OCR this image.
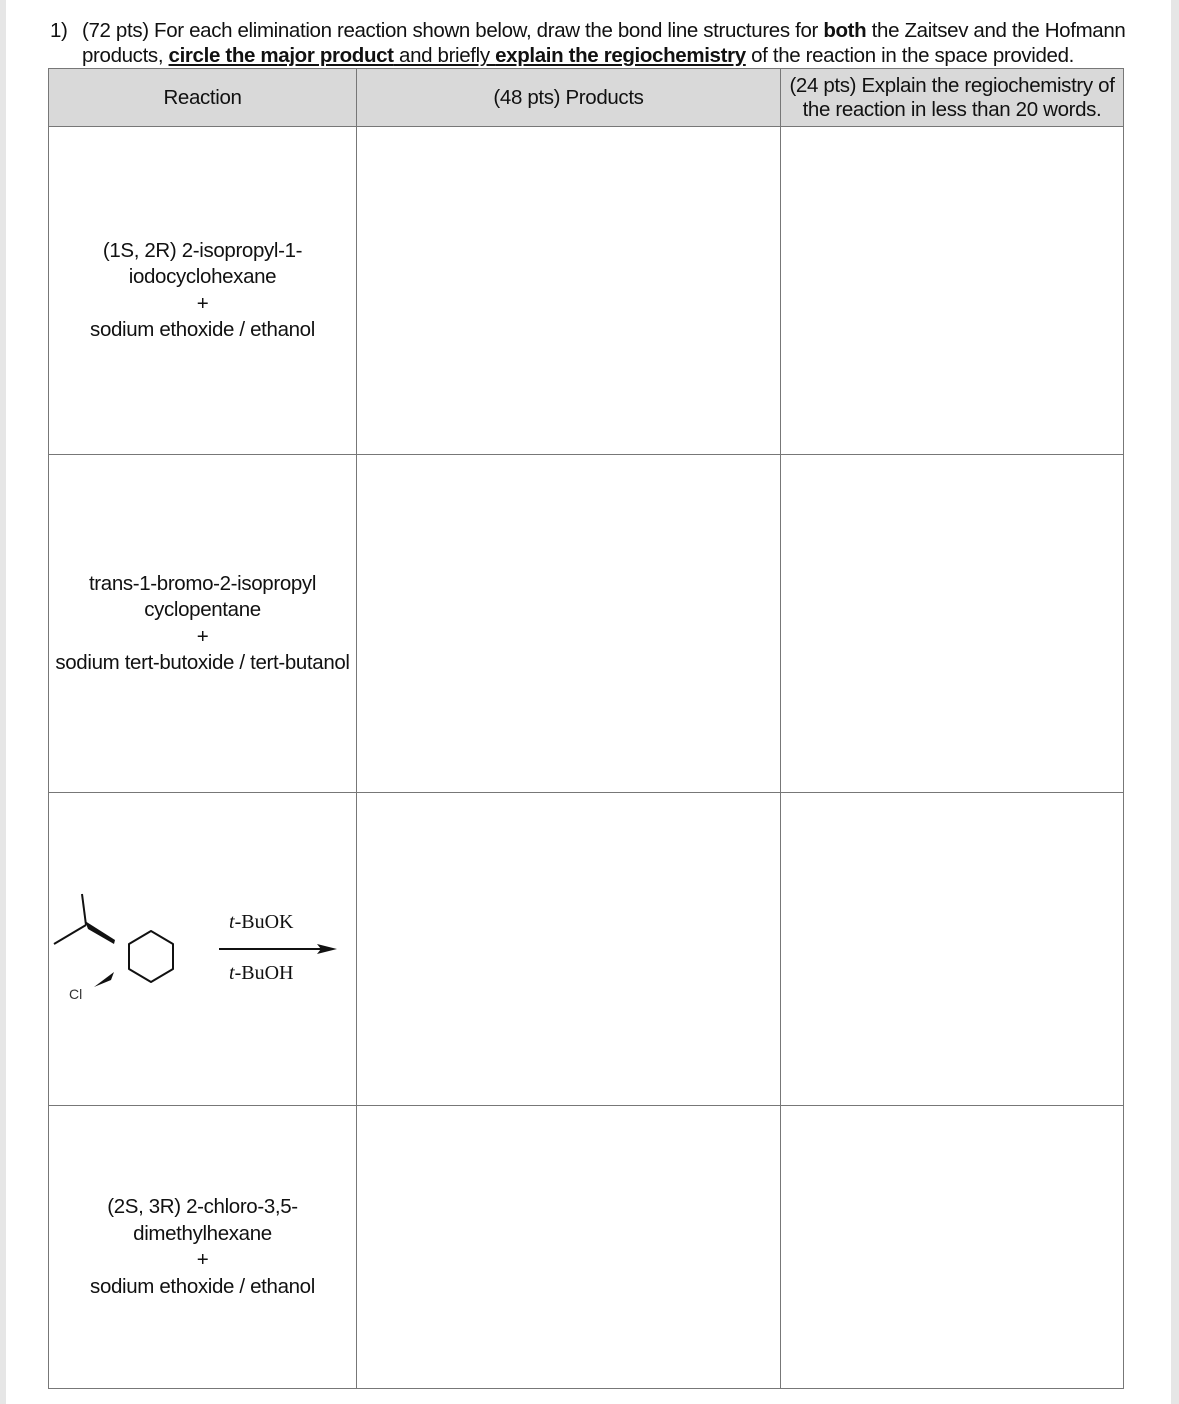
1) (72 pts) For each elimination reaction shown below, draw the bond line structures for both the Zaitsev and the Hofmann products, circle the major product and briefly explain the regiochemistry of the reaction in the space provided.
Reaction	(48 pts) Products	(24 pts) Explain the regiochemistry of
the reaction in less than 20 words.

(1S, 2R) 2-isopropyl-1-
iodocyclohexane
+
sodium ethoxide / ethanol		

trans-1-bromo-2-isopropyl
cyclopentane
+
sodium tert-butoxide / tert-butanol		

Cl
t-BuOK
t-BuOH		

(2S, 3R) 2-chloro-3,5-
dimethylhexane
+
sodium ethoxide / ethanol		
